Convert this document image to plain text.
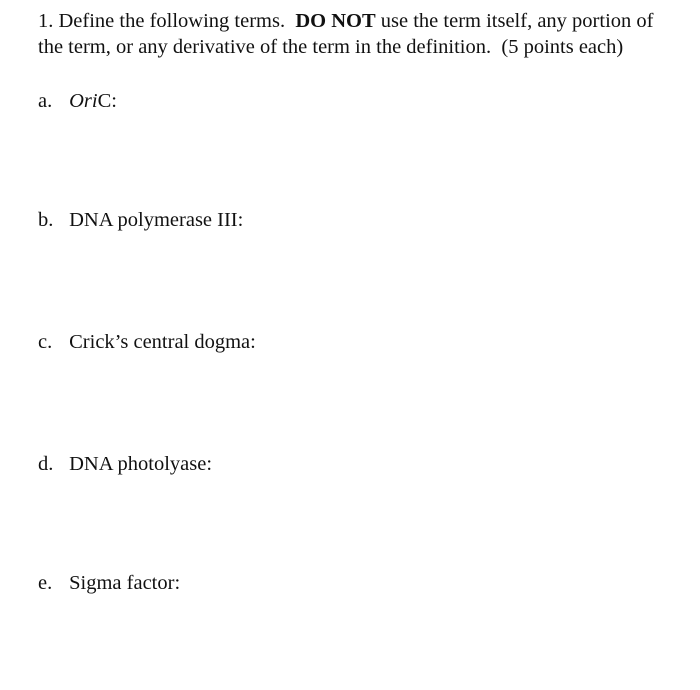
1. Define the following terms. DO NOT use the term itself, any portion of the term, or any derivative of the term in the definition. (5 points each)
a. OriC:
b. DNA polymerase III:
c. Crick’s central dogma:
d. DNA photolyase:
e. Sigma factor:
